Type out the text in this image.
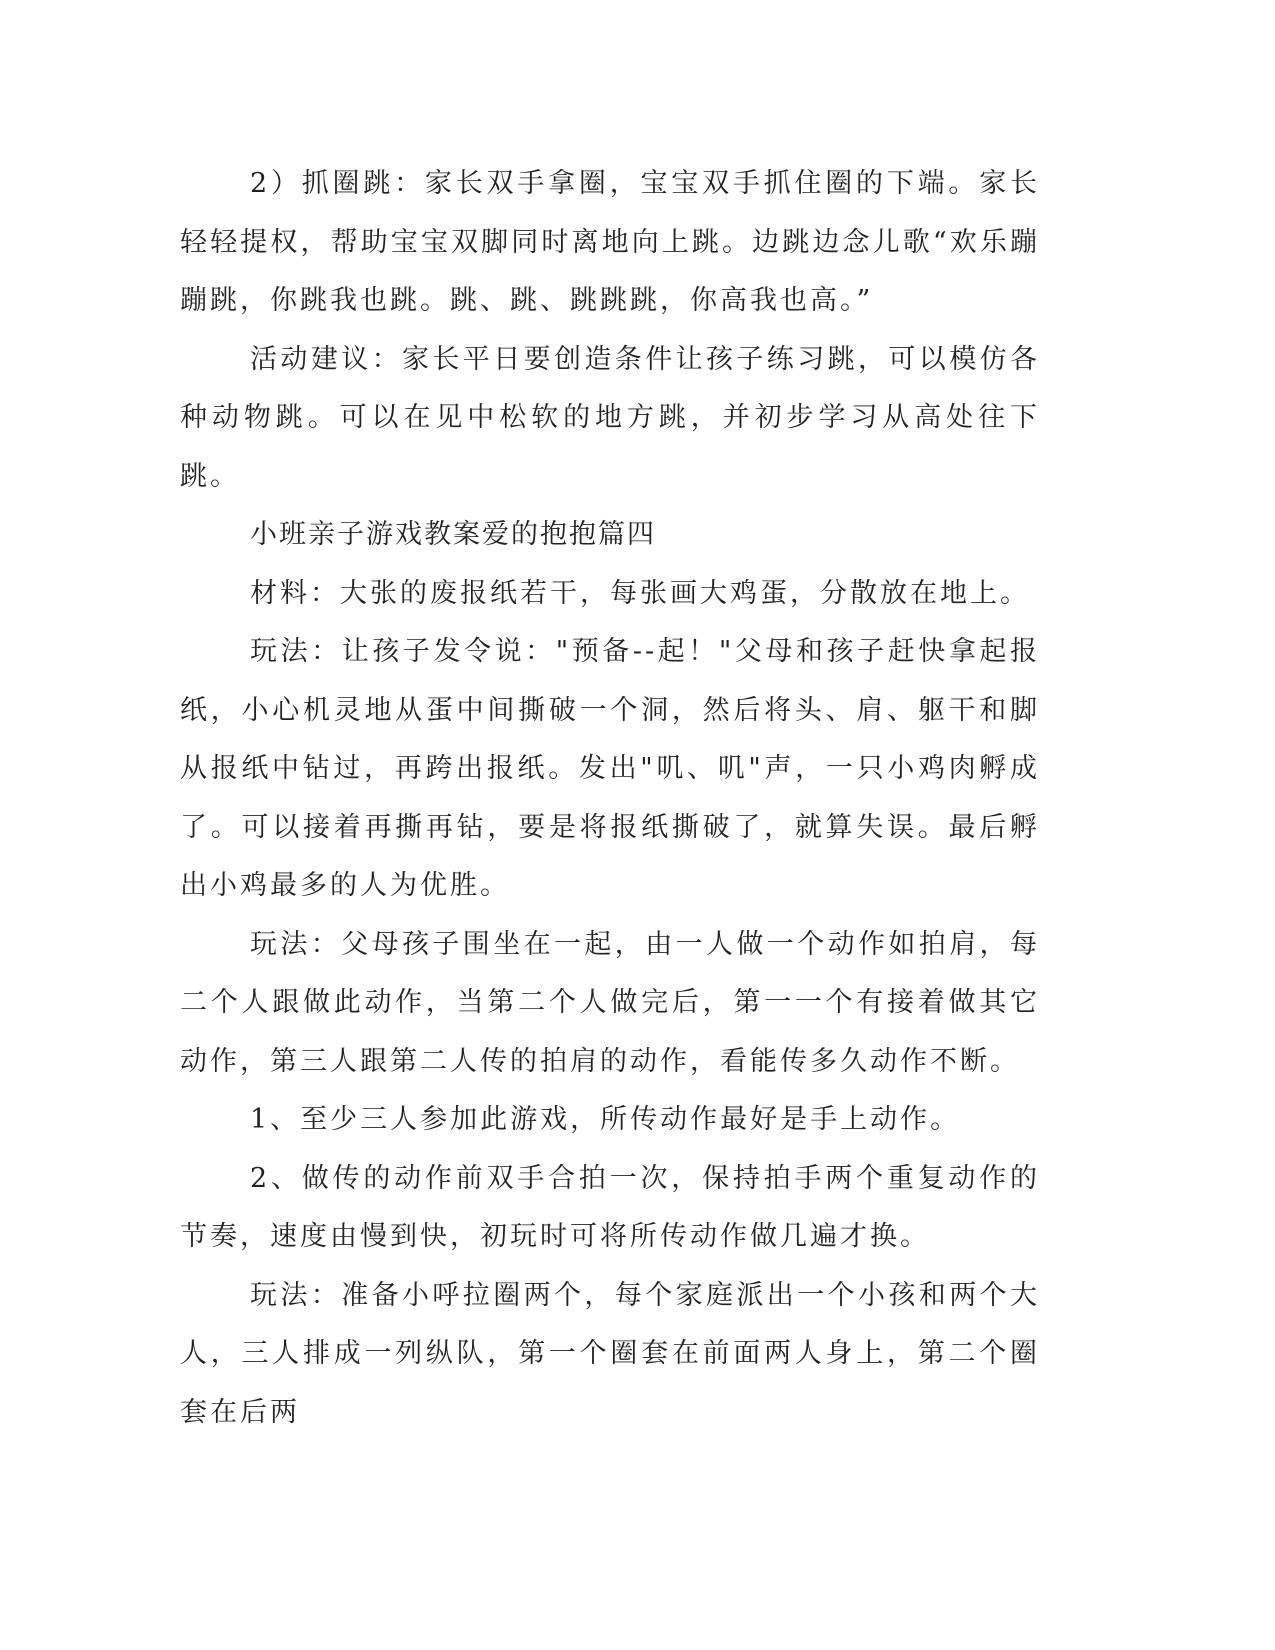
2）抓圈跳：家长双手拿圈，宝宝双手抓住圈的下端。家长轻轻提权，帮助宝宝双脚同时离地向上跳。边跳边念儿歌“欢乐蹦蹦跳，你跳我也跳。跳、跳、跳跳跳，你高我也高。”

活动建议：家长平日要创造条件让孩子练习跳，可以模仿各种动物跳。可以在见中松软的地方跳，并初步学习从高处往下跳。

小班亲子游戏教案爱的抱抱篇四

材料：大张的废报纸若干，每张画大鸡蛋，分散放在地上。

玩法：让孩子发令说："预备--起！"父母和孩子赶快拿起报纸，小心机灵地从蛋中间撕破一个洞，然后将头、肩、躯干和脚从报纸中钻过，再跨出报纸。发出"叽、叽"声，一只小鸡肉孵成了。可以接着再撕再钻，要是将报纸撕破了，就算失误。最后孵出小鸡最多的人为优胜。

玩法：父母孩子围坐在一起，由一人做一个动作如拍肩，每二个人跟做此动作，当第二个人做完后，第一一个有接着做其它动作，第三人跟第二人传的拍肩的动作，看能传多久动作不断。

1、至少三人参加此游戏，所传动作最好是手上动作。

2、做传的动作前双手合拍一次，保持拍手两个重复动作的节奏，速度由慢到快，初玩时可将所传动作做几遍才换。

玩法：准备小呼拉圈两个，每个家庭派出一个小孩和两个大人，三人排成一列纵队，第一个圈套在前面两人身上，第二个圈套在后两
